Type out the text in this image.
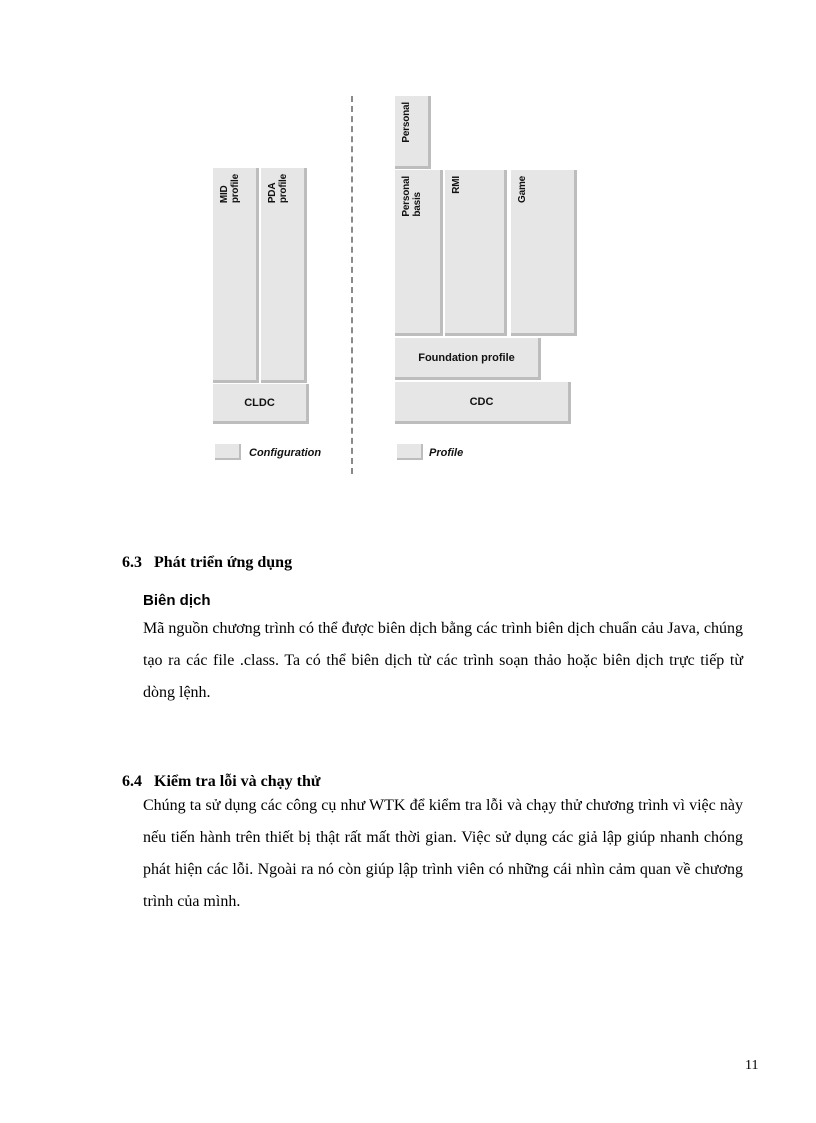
MID
profile	PDA
profile
CLDC
Personal
Personal
basis
RMI	Game
Foundation profile
CDC
Configuration	Profile
6.3 Phát triển ứng dụng
Biên dịch

Mã nguồn chương trình có thể được biên dịch bằng các trình biên dịch chuẩn cảu Java, chúng tạo ra các file .class. Ta có thể biên dịch từ các trình soạn thảo hoặc biên dịch trực tiếp từ dòng lệnh.

6.4 Kiểm tra lỗi và chạy thử

Chúng ta sử dụng các công cụ như WTK để kiểm tra lỗi và chạy thử chương trình vì việc này nếu tiến hành trên thiết bị thật rất mất thời gian. Việc sử dụng các giả lập giúp nhanh chóng phát hiện các lỗi. Ngoài ra nó còn giúp lập trình viên có những cái nhìn cảm quan về chương trình của mình.

11
